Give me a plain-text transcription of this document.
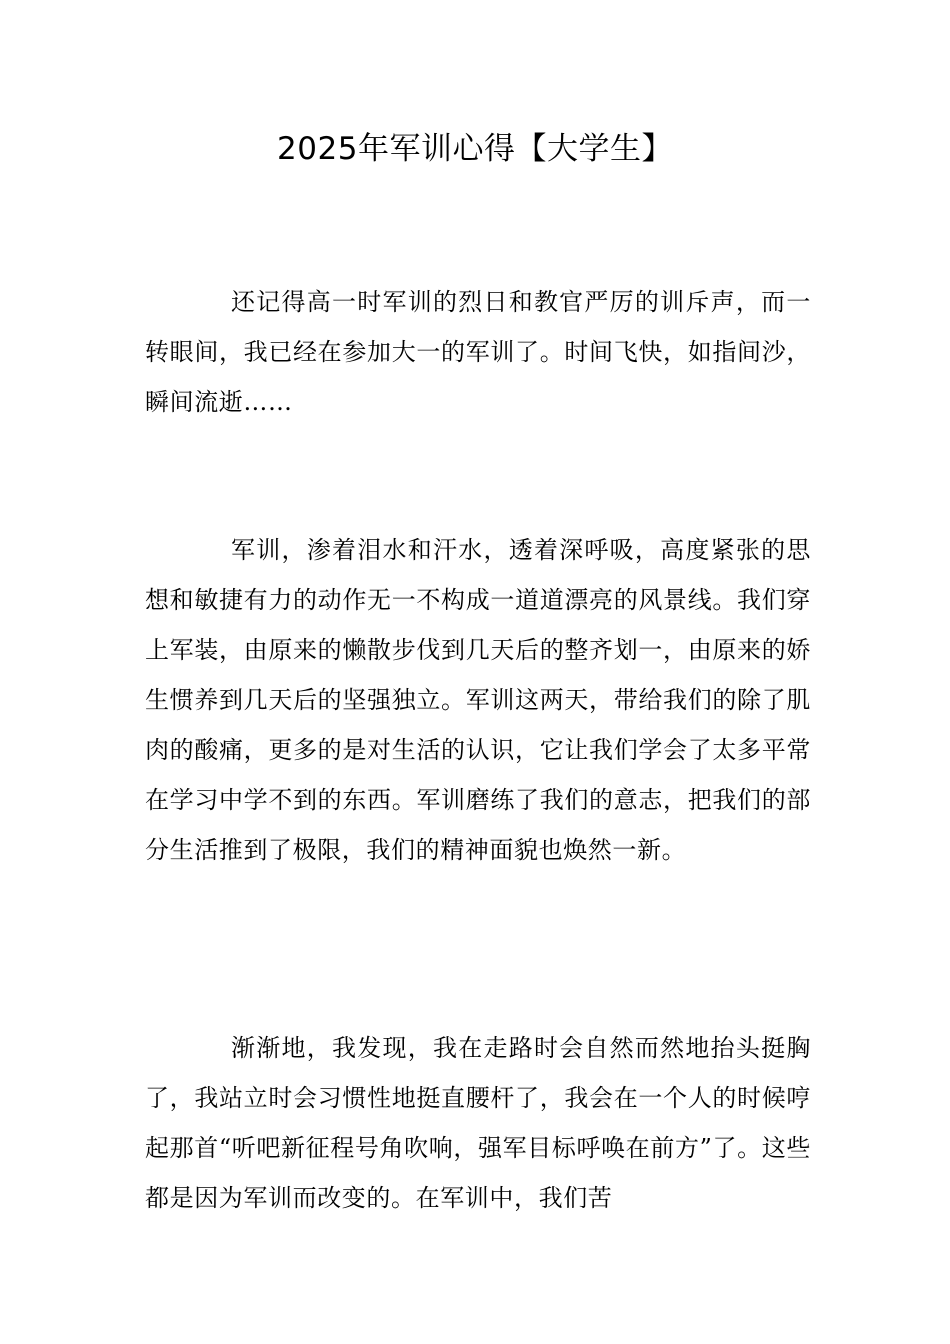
2025年军训心得【大学生】

还记得高一时军训的烈日和教官严厉的训斥声，而一转眼间，我已经在参加大一的军训了。时间飞快，如指间沙，瞬间流逝……

军训，渗着泪水和汗水，透着深呼吸，高度紧张的思想和敏捷有力的动作无一不构成一道道漂亮的风景线。我们穿上军装，由原来的懒散步伐到几天后的整齐划一，由原来的娇生惯养到几天后的坚强独立。军训这两天，带给我们的除了肌肉的酸痛，更多的是对生活的认识，它让我们学会了太多平常在学习中学不到的东西。军训磨练了我们的意志，把我们的部分生活推到了极限，我们的精神面貌也焕然一新。

渐渐地，我发现，我在走路时会自然而然地抬头挺胸了，我站立时会习惯性地挺直腰杆了，我会在一个人的时候哼起那首“听吧新征程号角吹响，强军目标呼唤在前方”了。这些都是因为军训而改变的。在军训中，我们苦
